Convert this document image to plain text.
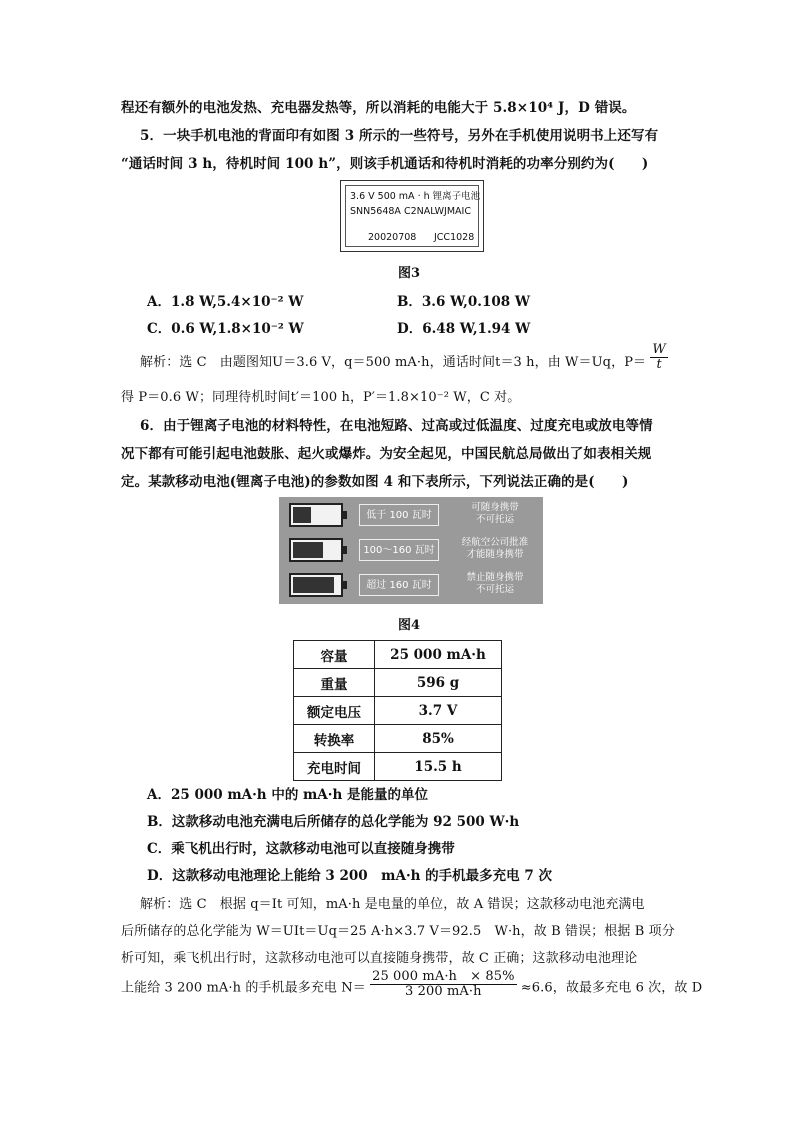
程还有额外的电池发热、充电器发热等，所以消耗的电能大于 5.8×10⁴ J，D 错误。
5．一块手机电池的背面印有如图 3 所示的一些符号，另外在手机使用说明书上还写有
“通话时间 3 h，待机时间 100 h”，则该手机通话和待机时消耗的功率分别约为(　　)
3.6 V 500 mA · h 锂离子电池
SNN5648A C2NALWJMAIC
20020708 JCC1028
图3
A．1.8 W,5.4×10⁻² W	B．3.6 W,0.108 W
C．0.6 W,1.8×10⁻² W	D．6.48 W,1.94 W
解析：选 C　由题图知U＝3.6 V，q＝500 mA·h，通话时间t＝3 h，由 W＝Uq，$P= \frac{W}{t}$
得 P＝0.6 W；同理待机时间t′＝100 h，P′＝1.8×10⁻² W，C 对。
6．由于锂离子电池的材料特性，在电池短路、过高或过低温度、过度充电或放电等情
况下都有可能引起电池鼓胀、起火或爆炸。为安全起见，中国民航总局做出了如表相关规
定。某款移动电池(锂离子电池)的参数如图 4 和下表所示，下列说法正确的是(　　)
低于 100 瓦时
可随身携带
不可托运
100～160 瓦时
经航空公司批准
才能随身携带
超过 160 瓦时
禁止随身携带
不可托运
图4
容量	25 000 mA·h
重量	596 g
额定电压	3.7 V
转换率	85%
充电时间	15.5 h
A．25 000 mA·h 中的 mA·h 是能量的单位
B．这款移动电池充满电后所储存的总化学能为 92 500 W·h
C．乘飞机出行时，这款移动电池可以直接随身携带
D．这款移动电池理论上能给 3 200　mA·h 的手机最多充电 7 次
解析：选 C　根据 q＝It 可知，mA·h 是电量的单位，故 A 错误；这款移动电池充满电
后所储存的总化学能为 W＝UIt＝Uq＝25 A·h×3.7 V＝92.5　W·h，故 B 错误；根据 B 项分
析可知，乘飞机出行时，这款移动电池可以直接随身携带，故 C 正确；这款移动电池理论
上能给 3 200 mA·h 的手机最多充电 $N= \frac{25 000 mA\cdot h \times 85\%}{3 200 mA\cdot h} \approx 6.6$，故最多充电 6 次，故 D
